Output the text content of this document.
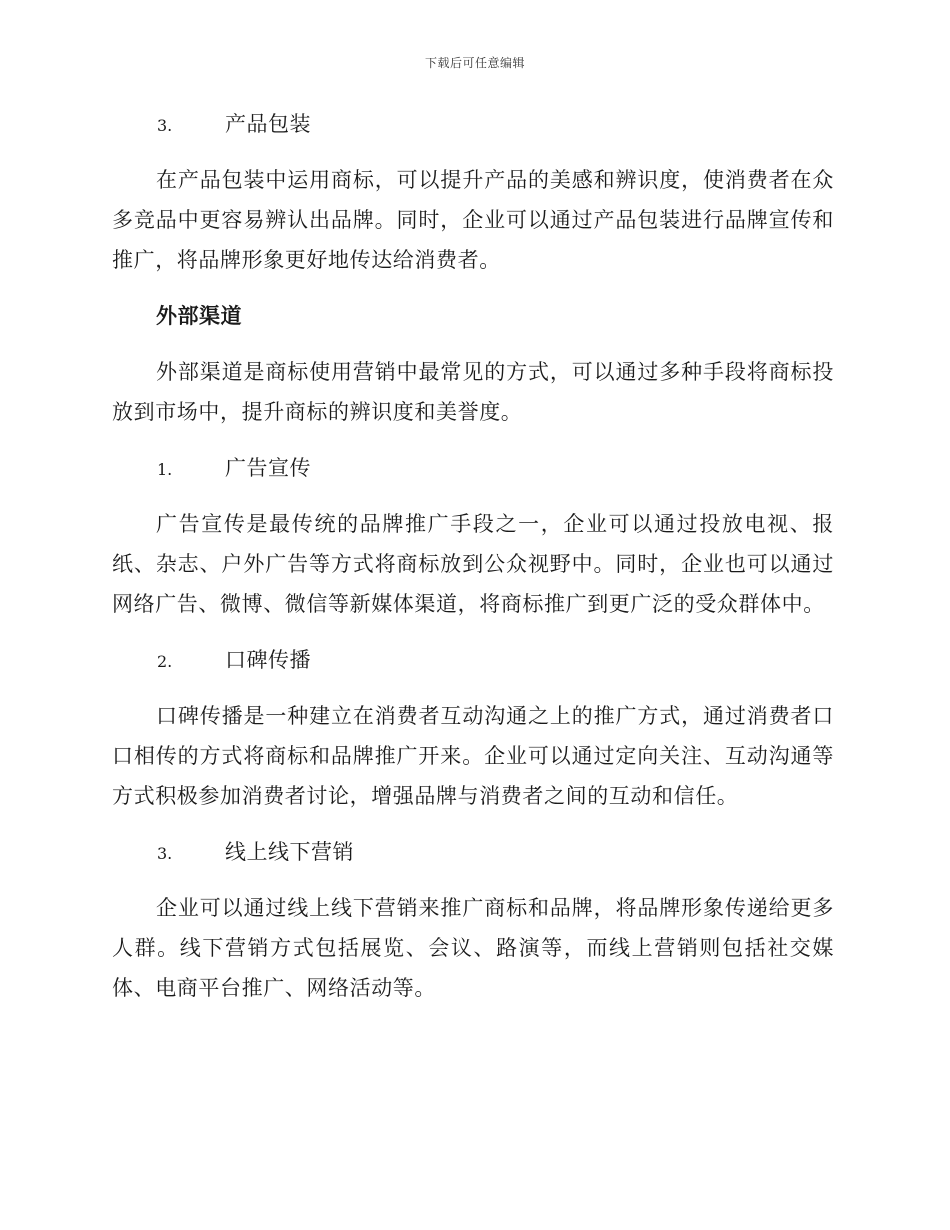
下载后可任意编辑
3.	产品包装

在产品包装中运用商标，可以提升产品的美感和辨识度，使消费者在众多竞品中更容易辨认出品牌。同时，企业可以通过产品包装进行品牌宣传和推广，将品牌形象更好地传达给消费者。

外部渠道

外部渠道是商标使用营销中最常见的方式，可以通过多种手段将商标投放到市场中，提升商标的辨识度和美誉度。

1.	广告宣传

广告宣传是最传统的品牌推广手段之一，企业可以通过投放电视、报纸、杂志、户外广告等方式将商标放到公众视野中。同时，企业也可以通过网络广告、微博、微信等新媒体渠道，将商标推广到更广泛的受众群体中。

2.	口碑传播

口碑传播是一种建立在消费者互动沟通之上的推广方式，通过消费者口口相传的方式将商标和品牌推广开来。企业可以通过定向关注、互动沟通等方式积极参加消费者讨论，增强品牌与消费者之间的互动和信任。

3.	线上线下营销

企业可以通过线上线下营销来推广商标和品牌，将品牌形象传递给更多人群。线下营销方式包括展览、会议、路演等，而线上营销则包括社交媒体、电商平台推广、网络活动等。
